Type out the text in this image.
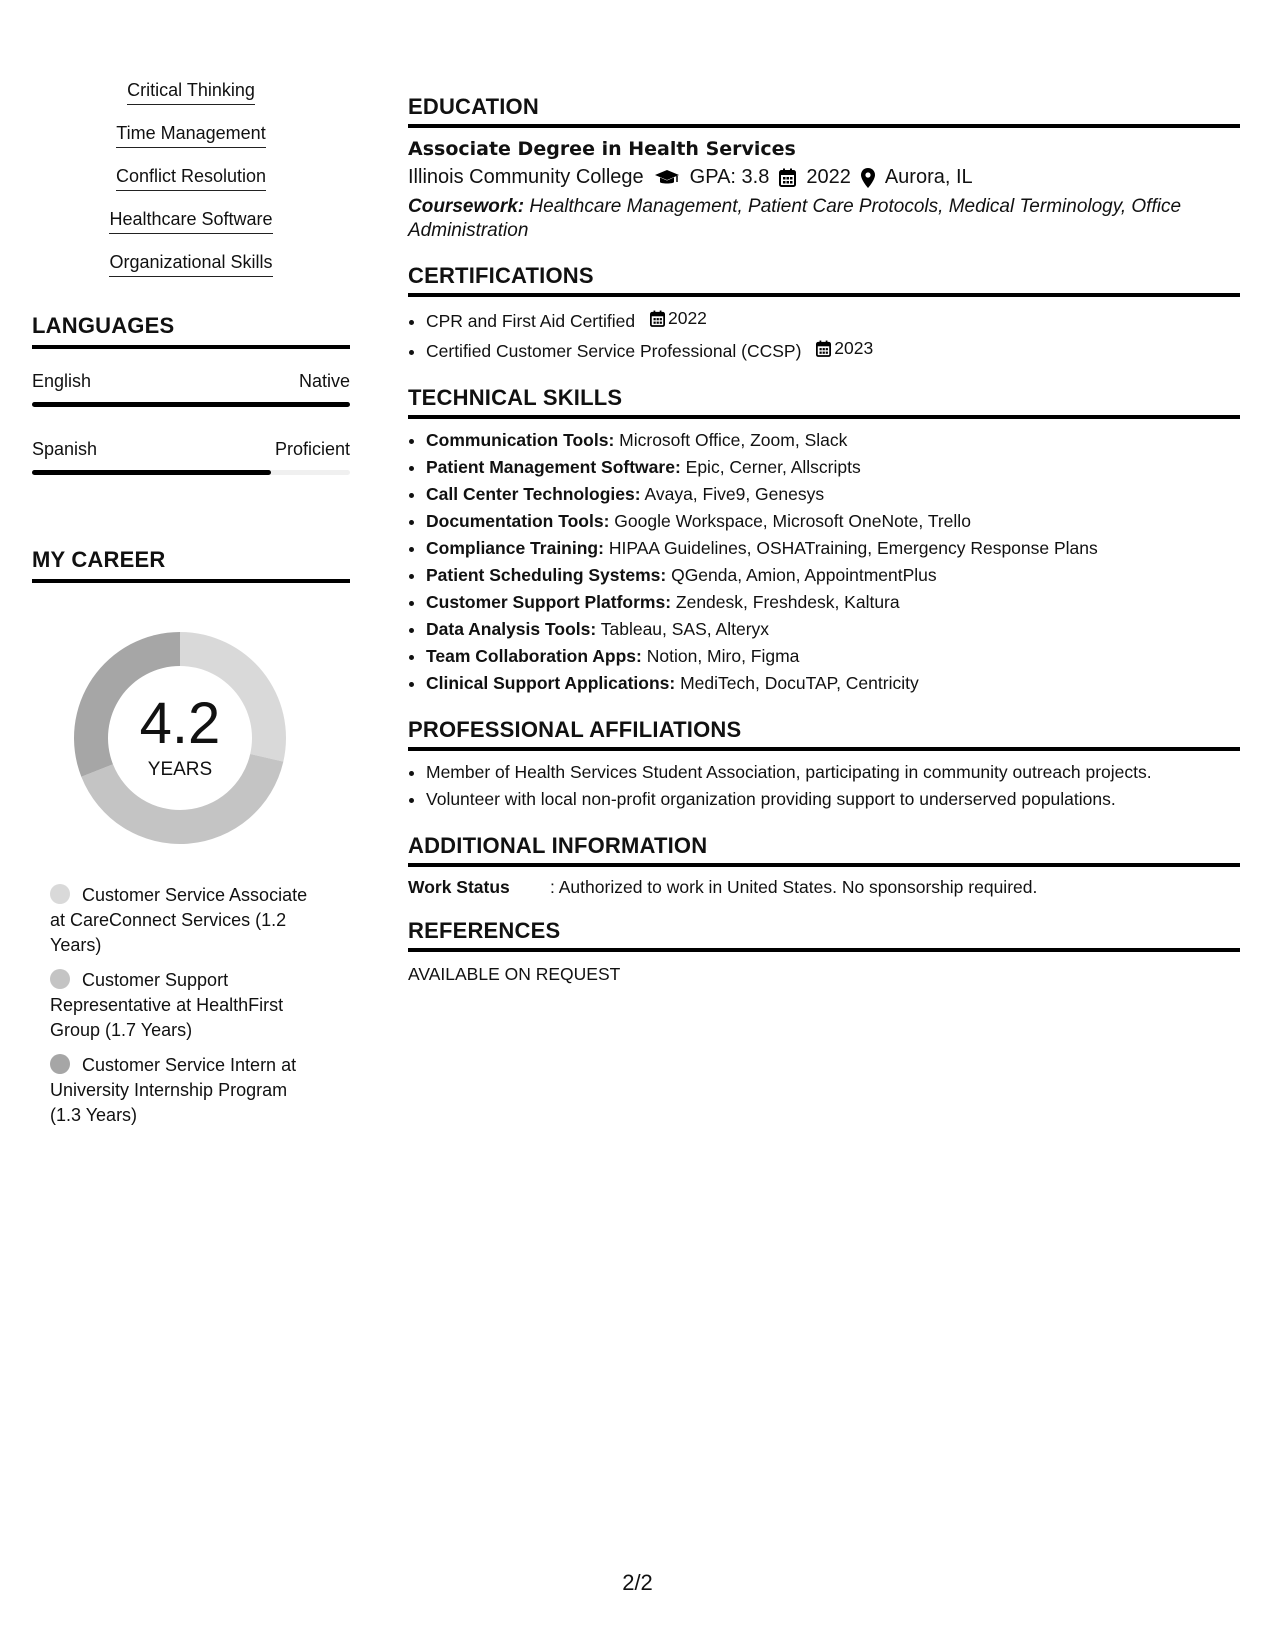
Critical Thinking
Time Management
Conflict Resolution
Healthcare Software
Organizational Skills
LANGUAGES
English	Native
Spanish	Proficient
MY CAREER
4.2
YEARS
Customer Service Associate at CareConnect Services (1.2 Years)
Customer Support Representative at HealthFirst Group (1.7 Years)
Customer Service Intern at University Internship Program (1.3 Years)
EDUCATION
Associate Degree in Health Services
Illinois Community College GPA: 3.8 2022 Aurora, IL
Coursework: Healthcare Management, Patient Care Protocols, Medical Terminology, Office Administration
CERTIFICATIONS
• CPR and First Aid Certified 2022
• Certified Customer Service Professional (CCSP) 2023
TECHNICAL SKILLS
• Communication Tools: Microsoft Office, Zoom, Slack
• Patient Management Software: Epic, Cerner, Allscripts
• Call Center Technologies: Avaya, Five9, Genesys
• Documentation Tools: Google Workspace, Microsoft OneNote, Trello
• Compliance Training: HIPAA Guidelines, OSHATraining, Emergency Response Plans
• Patient Scheduling Systems: QGenda, Amion, AppointmentPlus
• Customer Support Platforms: Zendesk, Freshdesk, Kaltura
• Data Analysis Tools: Tableau, SAS, Alteryx
• Team Collaboration Apps: Notion, Miro, Figma
• Clinical Support Applications: MediTech, DocuTAP, Centricity
PROFESSIONAL AFFILIATIONS
• Member of Health Services Student Association, participating in community outreach projects.
• Volunteer with local non-profit organization providing support to underserved populations.
ADDITIONAL INFORMATION
Work Status	: Authorized to work in United States. No sponsorship required.
REFERENCES
AVAILABLE ON REQUEST
2/2
